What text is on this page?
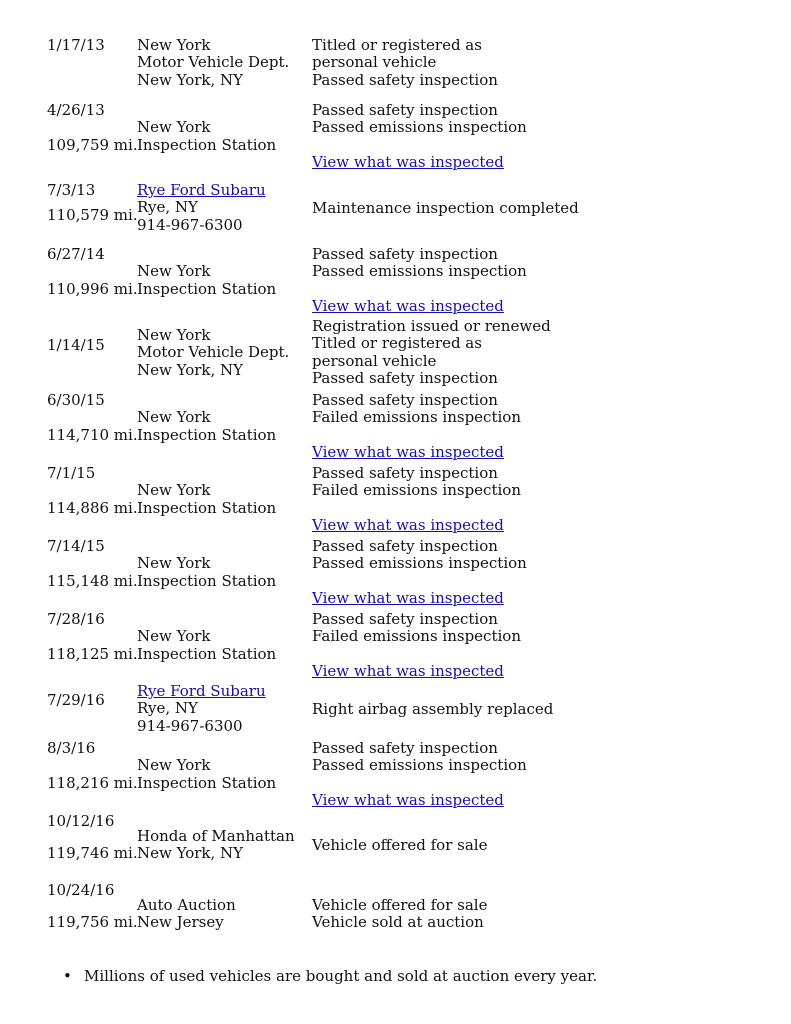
1/17/13 New York
Motor Vehicle Dept.
New York, NY
Titled or registered as
personal vehicle
Passed safety inspection
4/26/13
109,759 mi.
New York
Inspection Station
Passed safety inspection
Passed emissions inspection
View what was inspected
7/3/13
110,579 mi.
Rye Ford Subaru
Rye, NY
914-967-6300
Maintenance inspection completed
6/27/14
110,996 mi.
New York
Inspection Station
Passed safety inspection
Passed emissions inspection
View what was inspected
1/14/15
New York
Motor Vehicle Dept.
New York, NY
Registration issued or renewed
Titled or registered as
personal vehicle
Passed safety inspection
6/30/15
114,710 mi.
New York
Inspection Station
Passed safety inspection
Failed emissions inspection
View what was inspected
7/1/15
114,886 mi.
New York
Inspection Station
Passed safety inspection
Failed emissions inspection
View what was inspected
7/14/15
115,148 mi.
New York
Inspection Station
Passed safety inspection
Passed emissions inspection
View what was inspected
7/28/16
118,125 mi.
New York
Inspection Station
Passed safety inspection
Failed emissions inspection
View what was inspected
7/29/16 Rye Ford Subaru
Rye, NY
914-967-6300
Right airbag assembly replaced
8/3/16
118,216 mi.
New York
Inspection Station
Passed safety inspection
Passed emissions inspection
View what was inspected
10/12/16
119,746 mi.
Honda of Manhattan
New York, NY	Vehicle offered for sale
10/24/16
119,756 mi.
Auto Auction
New Jersey
Vehicle offered for sale
Vehicle sold at auction
• Millions of used vehicles are bought and sold at auction every year.
